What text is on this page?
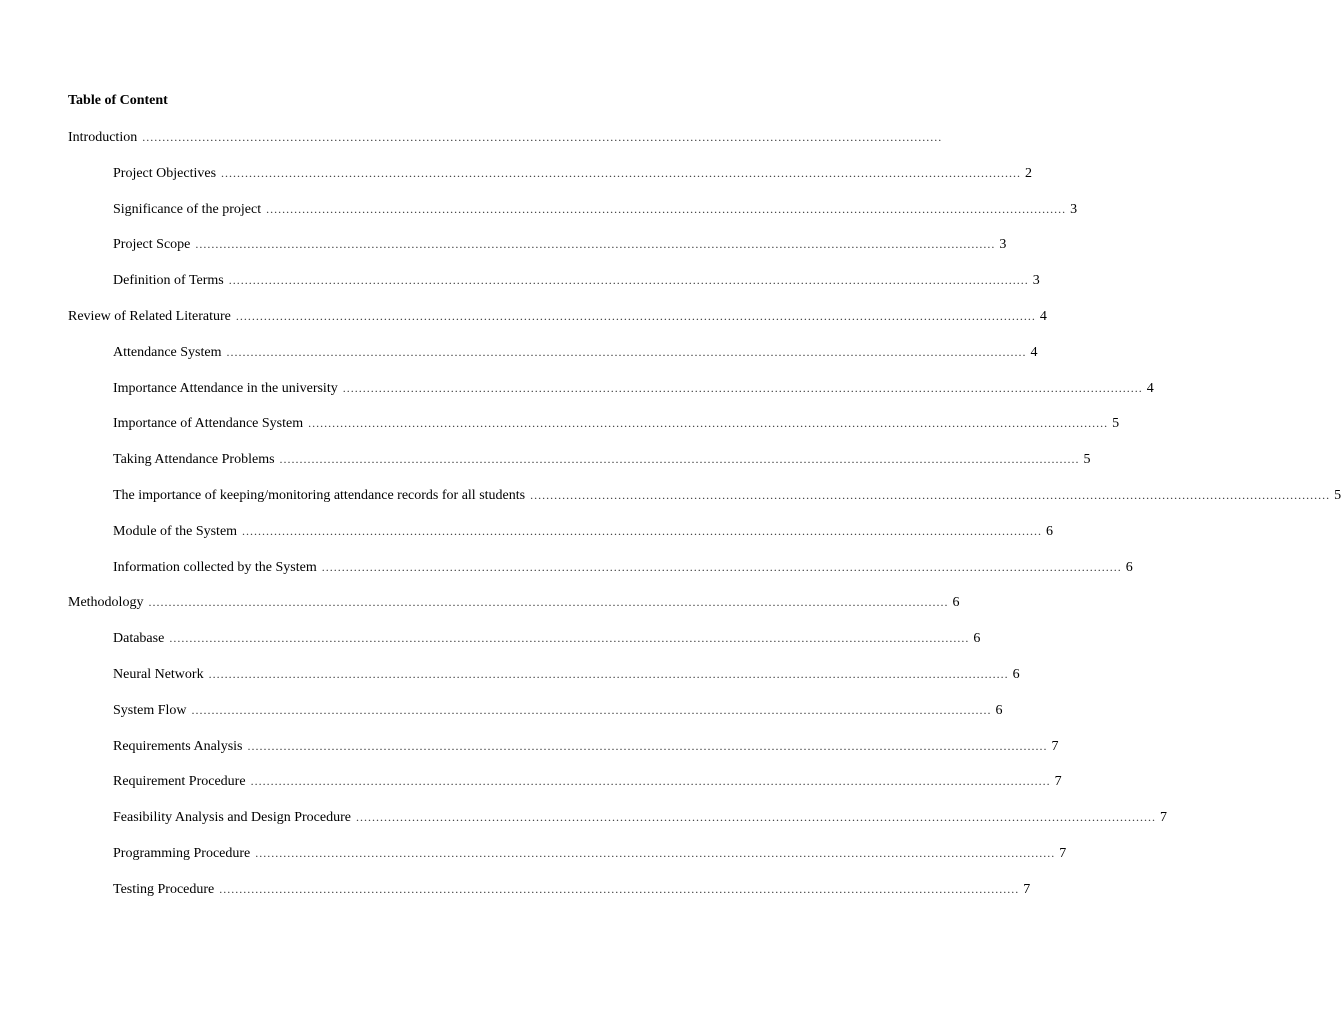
Table of Content
Introduction ........................................................................................................................................................................................................
Project Objectives ........................................................................................................................................................................................................ 2
Significance of the project ........................................................................................................................................................................................................ 3
Project Scope ........................................................................................................................................................................................................ 3
Definition of Terms ........................................................................................................................................................................................................ 3
Review of Related Literature ........................................................................................................................................................................................................ 4
Attendance System ........................................................................................................................................................................................................ 4
Importance Attendance in the university ........................................................................................................................................................................................................ 4
Importance of Attendance System ........................................................................................................................................................................................................ 5
Taking Attendance Problems ........................................................................................................................................................................................................ 5
The importance of keeping/monitoring attendance records for all students ........................................................................................................................................................................................................ 5
Module of the System ........................................................................................................................................................................................................ 6
Information collected by the System ........................................................................................................................................................................................................ 6
Methodology ........................................................................................................................................................................................................ 6
Database ........................................................................................................................................................................................................ 6
Neural Network ........................................................................................................................................................................................................ 6
System Flow ........................................................................................................................................................................................................ 6
Requirements Analysis ........................................................................................................................................................................................................ 7
Requirement Procedure ........................................................................................................................................................................................................ 7
Feasibility Analysis and Design Procedure ........................................................................................................................................................................................................ 7
Programming Procedure ........................................................................................................................................................................................................ 7
Testing Procedure ........................................................................................................................................................................................................ 7
